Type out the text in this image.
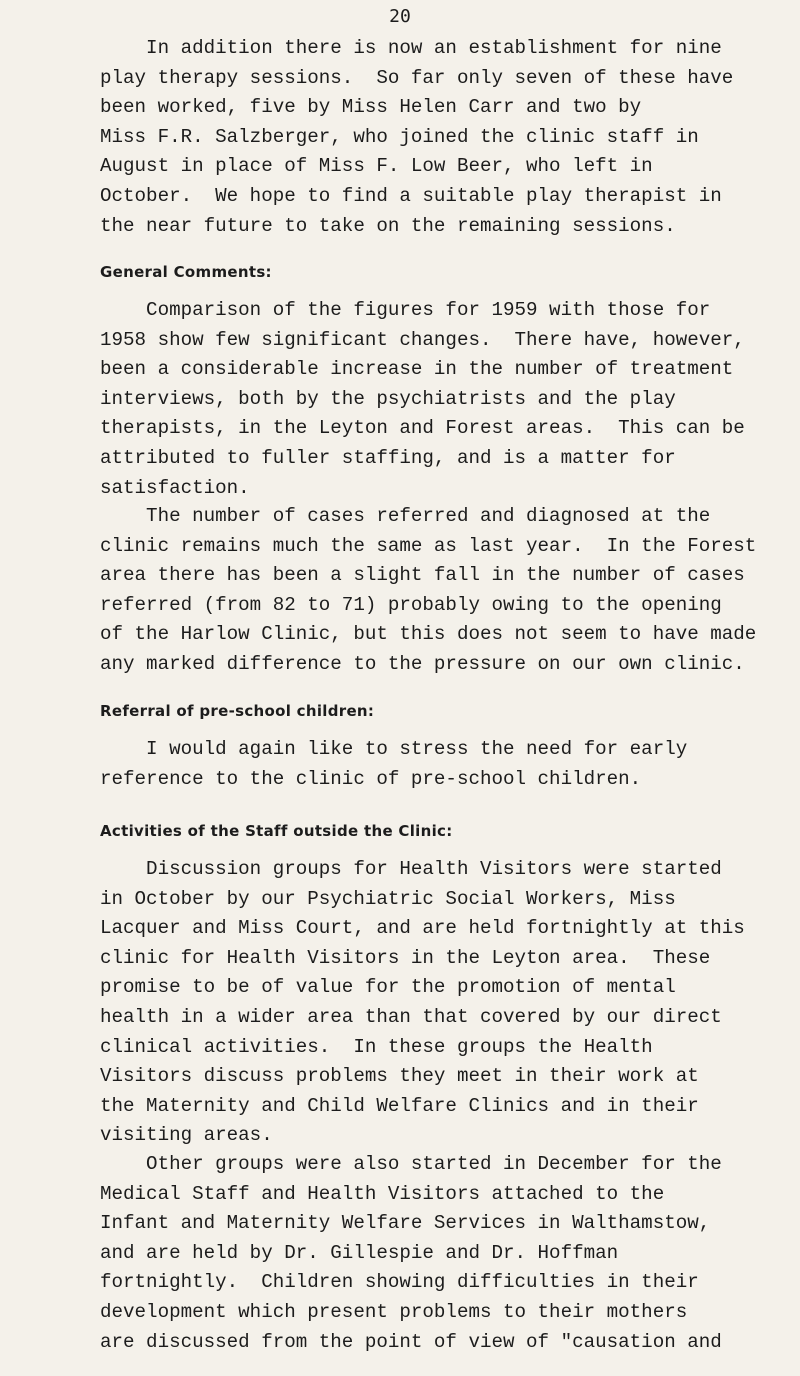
20

In addition there is now an establishment for nine
play therapy sessions.  So far only seven of these have
been worked, five by Miss Helen Carr and two by
Miss F.R. Salzberger, who joined the clinic staff in
August in place of Miss F. Low Beer, who left in
October.  We hope to find a suitable play therapist in
the near future to take on the remaining sessions.

General Comments:

Comparison of the figures for 1959 with those for
1958 show few significant changes.  There have, however,
been a considerable increase in the number of treatment
interviews, both by the psychiatrists and the play
therapists, in the Leyton and Forest areas.  This can be
attributed to fuller staffing, and is a matter for
satisfaction.

The number of cases referred and diagnosed at the
clinic remains much the same as last year.  In the Forest
area there has been a slight fall in the number of cases
referred (from 82 to 71) probably owing to the opening
of the Harlow Clinic, but this does not seem to have made
any marked difference to the pressure on our own clinic.

Referral of pre-school children:

I would again like to stress the need for early
reference to the clinic of pre-school children.

Activities of the Staff outside the Clinic:

Discussion groups for Health Visitors were started
in October by our Psychiatric Social Workers, Miss
Lacquer and Miss Court, and are held fortnightly at this
clinic for Health Visitors in the Leyton area.  These
promise to be of value for the promotion of mental
health in a wider area than that covered by our direct
clinical activities.  In these groups the Health
Visitors discuss problems they meet in their work at
the Maternity and Child Welfare Clinics and in their
visiting areas.

Other groups were also started in December for the
Medical Staff and Health Visitors attached to the
Infant and Maternity Welfare Services in Walthamstow,
and are held by Dr. Gillespie and Dr. Hoffman
fortnightly.  Children showing difficulties in their
development which present problems to their mothers
are discussed from the point of view of "causation and
